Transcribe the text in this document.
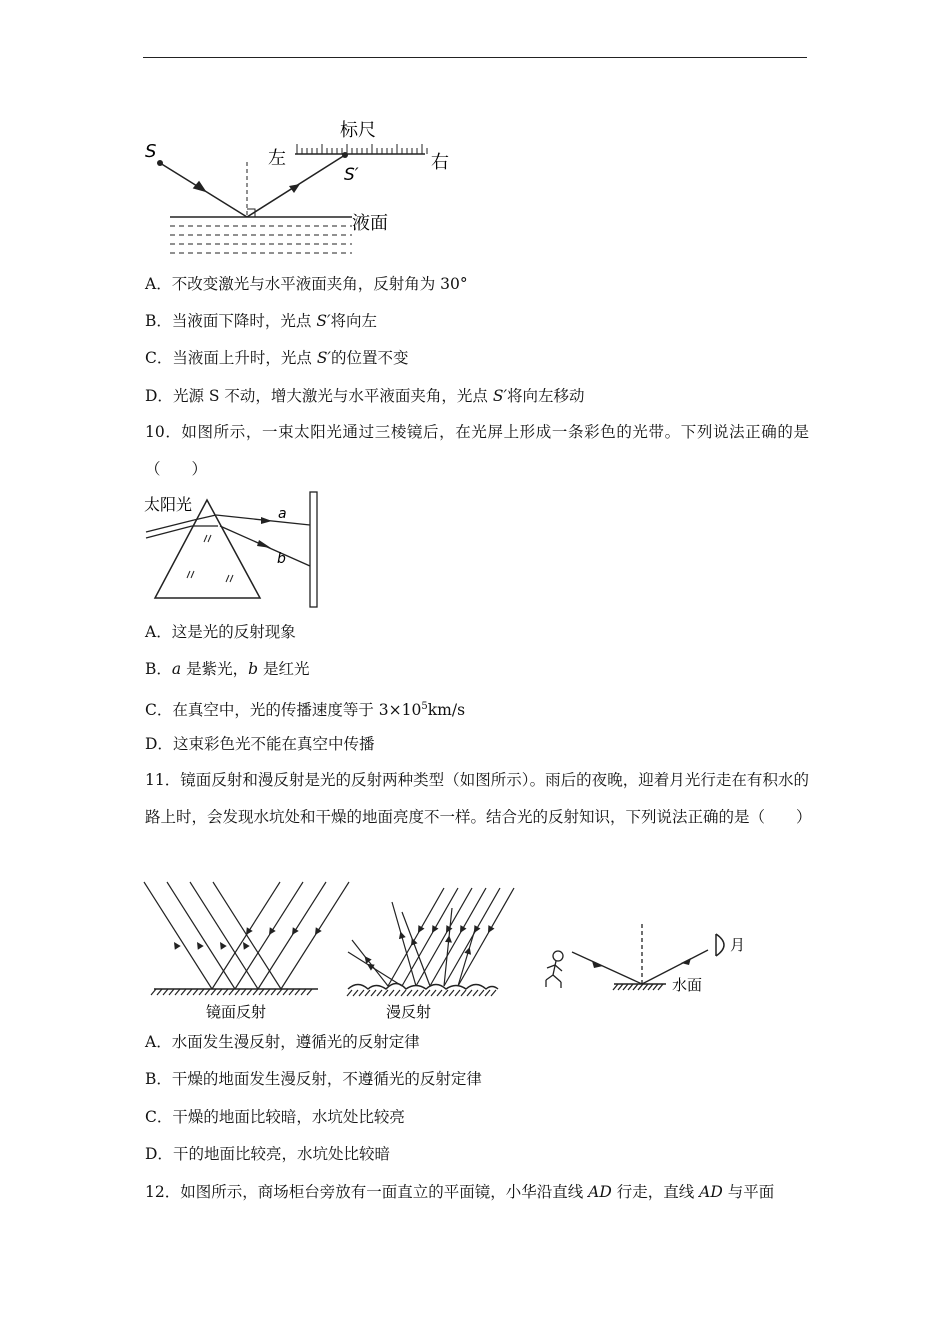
S
标尺
左	右
S′
液面
A．不改变激光与水平液面夹角，反射角为 30°
B．当液面下降时，光点 S′将向左
C．当液面上升时，光点 S′的位置不变
D．光源 S 不动，增大激光与水平液面夹角，光点 S′将向左移动
10．如图所示，一束太阳光通过三棱镜后，在光屏上形成一条彩色的光带。下列说法正确的是（　　）
太阳光	a
b
A．这是光的反射现象
B．a 是紫光，b 是红光
C．在真空中，光的传播速度等于 $3\times 10^5km/s$
D．这束彩色光不能在真空中传播
11．镜面反射和漫反射是光的反射两种类型（如图所示）。雨后的夜晚，迎着月光行走在有积水的路上时，会发现水坑处和干燥的地面亮度不一样。结合光的反射知识，下列说法正确的是（　　）
镜面反射	漫反射
月
水面
A．水面发生漫反射，遵循光的反射定律
B．干燥的地面发生漫反射，不遵循光的反射定律
C．干燥的地面比较暗，水坑处比较亮
D．干的地面比较亮，水坑处比较暗
12．如图所示，商场柜台旁放有一面直立的平面镜，小华沿直线 AD 行走，直线 AD 与平面
